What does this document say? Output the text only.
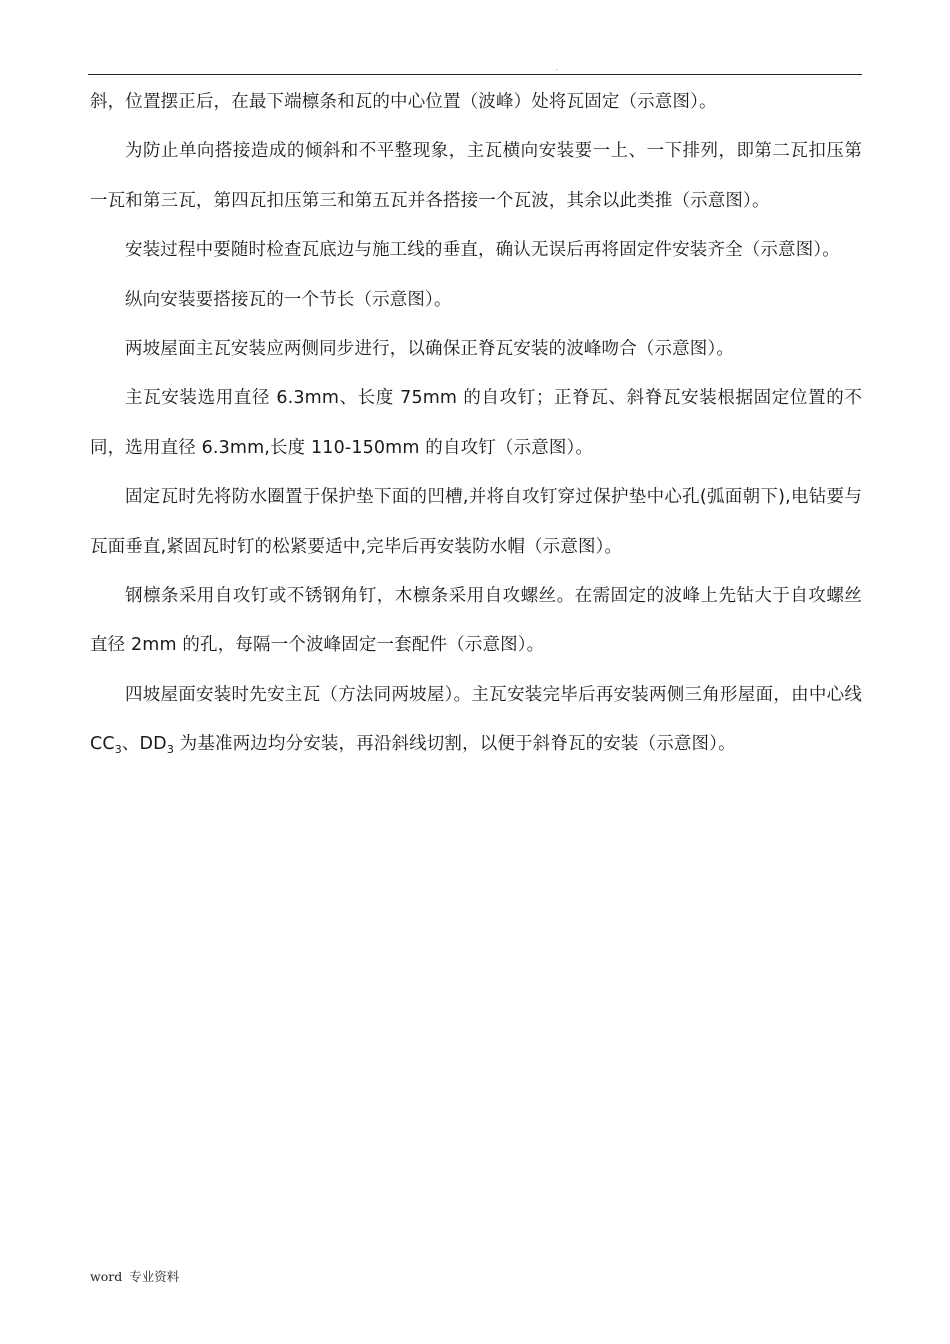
.

斜，位置摆正后，在最下端檩条和瓦的中心位置（波峰）处将瓦固定（示意图）。

为防止单向搭接造成的倾斜和不平整现象，主瓦横向安装要一上、一下排列，即第二瓦扣压第一瓦和第三瓦，第四瓦扣压第三和第五瓦并各搭接一个瓦波，其余以此类推（示意图）。

安装过程中要随时检查瓦底边与施工线的垂直，确认无误后再将固定件安装齐全（示意图）。

纵向安装要搭接瓦的一个节长（示意图）。

两坡屋面主瓦安装应两侧同步进行，以确保正脊瓦安装的波峰吻合（示意图）。

主瓦安装选用直径 6.3mm、长度 75mm 的自攻钉；正脊瓦、斜脊瓦安装根据固定位置的不同，选用直径 6.3mm,长度 110-150mm 的自攻钉（示意图）。

固定瓦时先将防水圈置于保护垫下面的凹槽,并将自攻钉穿过保护垫中心孔(弧面朝下),电钻要与瓦面垂直,紧固瓦时钉的松紧要适中,完毕后再安装防水帽（示意图）。

钢檩条采用自攻钉或不锈钢角钉，木檩条采用自攻螺丝。在需固定的波峰上先钻大于自攻螺丝直径 2mm 的孔，每隔一个波峰固定一套配件（示意图）。

四坡屋面安装时先安主瓦（方法同两坡屋）。主瓦安装完毕后再安装两侧三角形屋面，由中心线 $CC_3$、$DD_3$ 为基准两边均分安装，再沿斜线切割，以便于斜脊瓦的安装（示意图）。

word 专业资料
